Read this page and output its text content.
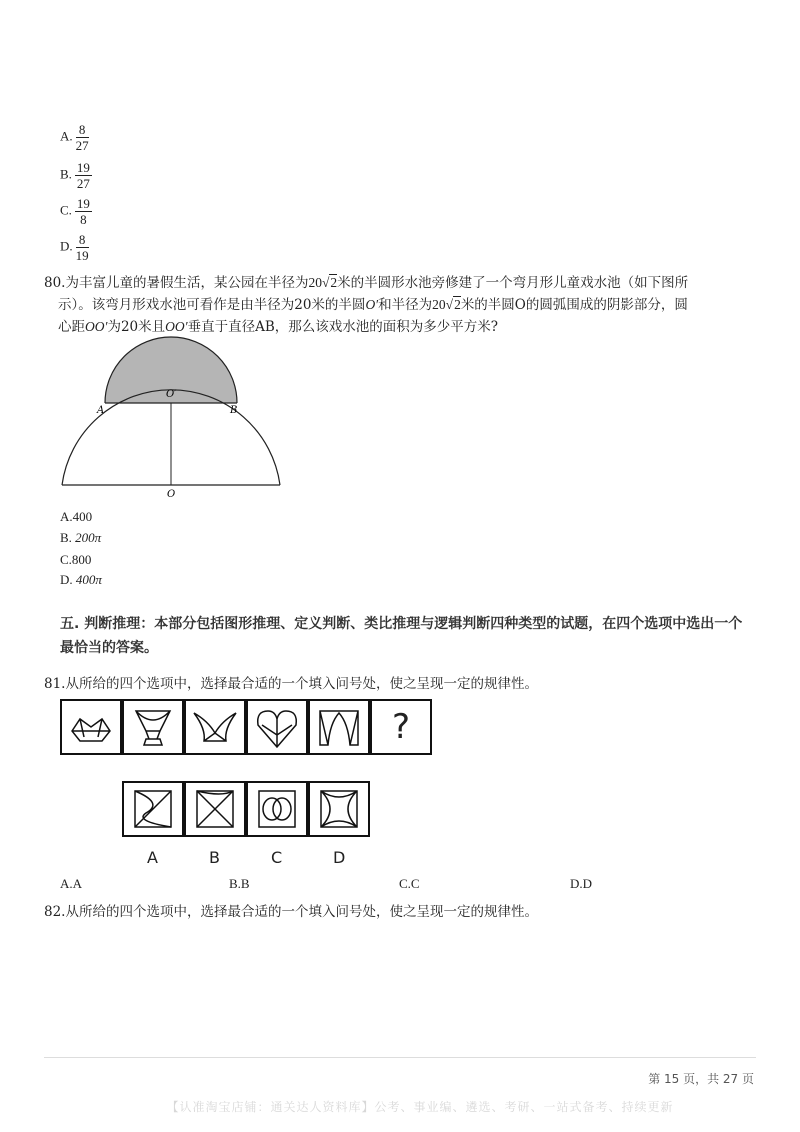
A. $\frac{8}{27}$
B. $\frac{19}{27}$
C. $\frac{19}{8}$
D. $\frac{8}{19}$
80.为丰富儿童的暑假生活，某公园在半径为20√2米的半圆形水池旁修建了一个弯月形儿童戏水池（如下图所
示）。该弯月形戏水池可看作是由半径为20米的半圆O′和半径为20√2米的半圆O的圆弧围成的阴影部分，圆
心距OO′为20米且OO′垂直于直径AB，那么该戏水池的面积为多少平方米?
A	B
O′
O
A.400
B. 200π
C.800
D. 400π
五. 判断推理：本部分包括图形推理、定义判断、类比推理与逻辑判断四种类型的试题，在四个选项中选出一个最恰当的答案。
81.从所给的四个选项中，选择最合适的一个填入问号处，使之呈现一定的规律性。
?
A	B	C	D
A.A	B.B	C.C	D.D
82.从所给的四个选项中，选择最合适的一个填入问号处，使之呈现一定的规律性。
第 15 页，共 27 页
【认准淘宝店铺：通关达人资料库】公考、事业编、遴选、考研、一站式备考、持续更新
